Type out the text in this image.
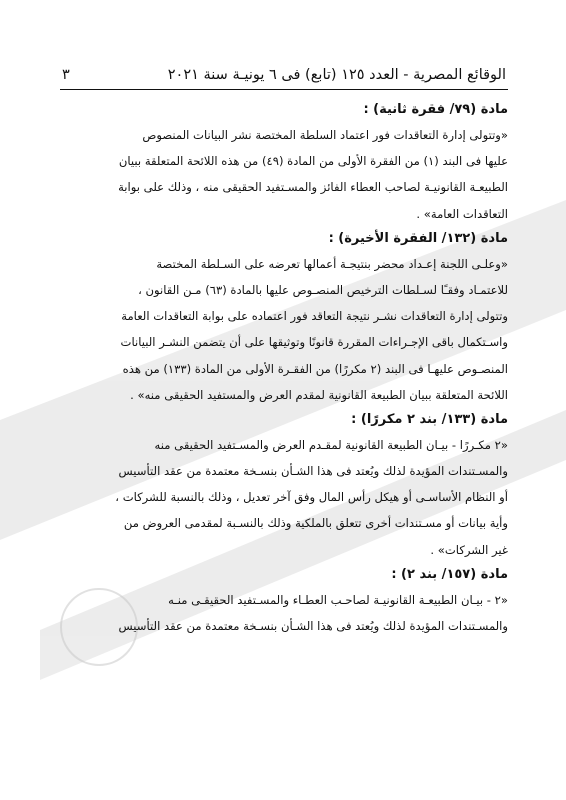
الوقائع المصرية - العدد ١٢٥ (تابع) فى ٦ يونيـة سنة ٢٠٢١
٣
مادة (٧٩/ فقرة ثانية) :

«وتتولى إدارة التعاقدات فور اعتماد السلطة المختصة نشر البيانات المنصوص

عليها فى البند (١) من الفقرة الأولى من المادة (٤٩) من هذه اللائحة المتعلقة ببيان

الطبيعـة القانونيـة لصاحب العطاء الفائز والمسـتفيد الحقيقى منه ، وذلك على بوابة

التعاقدات العامة» .

مادة (١٣٢/ الفقرة الأخيرة) :

«وعلـى اللجنة إعـداد محضر بنتيجـة أعمالها تعرضه على السـلطة المختصة

للاعتمـاد وفقـًا لسـلطات الترخيص المنصـوص عليها بالمادة (٦٣) مـن القانون ،

وتتولى إدارة التعاقدات نشـر نتيجة التعاقد فور اعتماده على بوابة التعاقدات العامة

واسـتكمال باقى الإجـراءات المقررة قانونًا وتوثيقها على أن يتضمن النشـر البيانات

المنصـوص عليهـا فى البند (٢ مكررًا) من الفقـرة الأولى من المادة (١٣٣) من هذه

اللائحة المتعلقة ببيان الطبيعة القانونية لمقدم العرض والمستفيد الحقيقى منه» .

مادة (١٣٣/ بند ٢ مكررًا) :

«٢ مكـررًا - بيـان الطبيعة القانونية لمقـدم العرض والمسـتفيد الحقيقى منه

والمسـتندات المؤيدة لذلك ويُعتد فى هذا الشـأن بنسـخة معتمدة من عقد التأسيس

أو النظام الأساسـى أو هيكل رأس المال وفق آخر تعديل ، وذلك بالنسبة للشركات ،

وأية بيانات أو مسـتندات أخرى تتعلق بالملكية وذلك بالنسـبة لمقدمى العروض من

غير الشركات» .

مادة (١٥٧/ بند ٢) :

«٢ - بيـان الطبيعـة القانونيـة لصاحـب العطـاء والمسـتفيد الحقيقـى منـه

والمسـتندات المؤيدة لذلك ويُعتد فى هذا الشـأن بنسـخة معتمدة من عقد التأسيس
